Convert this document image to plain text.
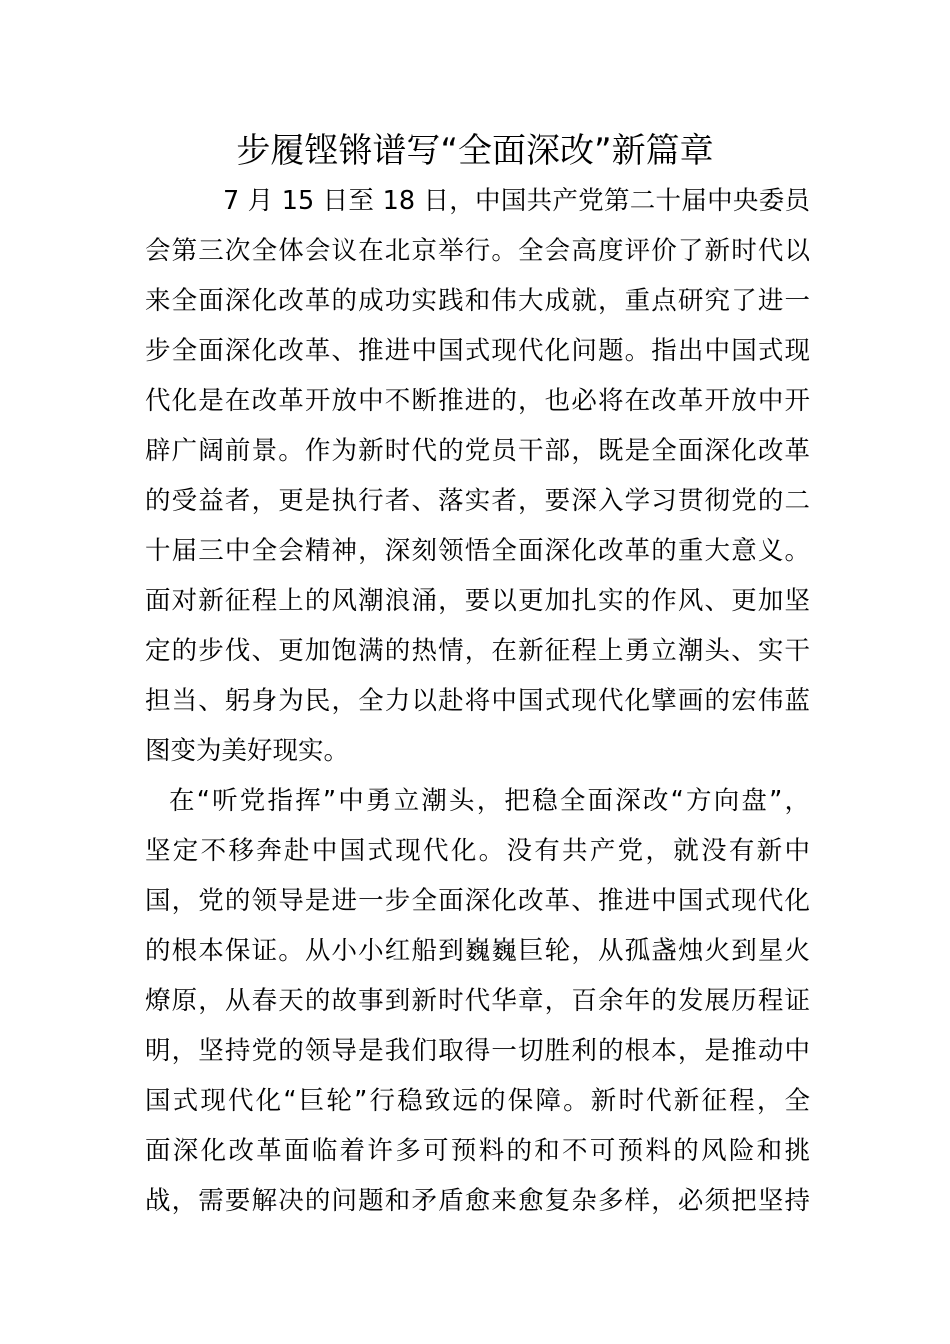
步履铿锵谱写“全面深改”新篇章
7 月 15 日至 18 日，中国共产党第二十届中央委员
会第三次全体会议在北京举行。全会高度评价了新时代以
来全面深化改革的成功实践和伟大成就，重点研究了进一
步全面深化改革、推进中国式现代化问题。指出中国式现
代化是在改革开放中不断推进的，也必将在改革开放中开
辟广阔前景。作为新时代的党员干部，既是全面深化改革
的受益者，更是执行者、落实者，要深入学习贯彻党的二
十届三中全会精神，深刻领悟全面深化改革的重大意义。
面对新征程上的风潮浪涌，要以更加扎实的作风、更加坚
定的步伐、更加饱满的热情，在新征程上勇立潮头、实干
担当、躬身为民，全力以赴将中国式现代化擘画的宏伟蓝
图变为美好现实。
在“听党指挥”中勇立潮头，把稳全面深改“方向盘”，
坚定不移奔赴中国式现代化。没有共产党，就没有新中
国，党的领导是进一步全面深化改革、推进中国式现代化
的根本保证。从小小红船到巍巍巨轮，从孤盏烛火到星火
燎原，从春天的故事到新时代华章，百余年的发展历程证
明，坚持党的领导是我们取得一切胜利的根本，是推动中
国式现代化“巨轮”行稳致远的保障。新时代新征程，全
面深化改革面临着许多可预料的和不可预料的风险和挑
战，需要解决的问题和矛盾愈来愈复杂多样，必须把坚持
